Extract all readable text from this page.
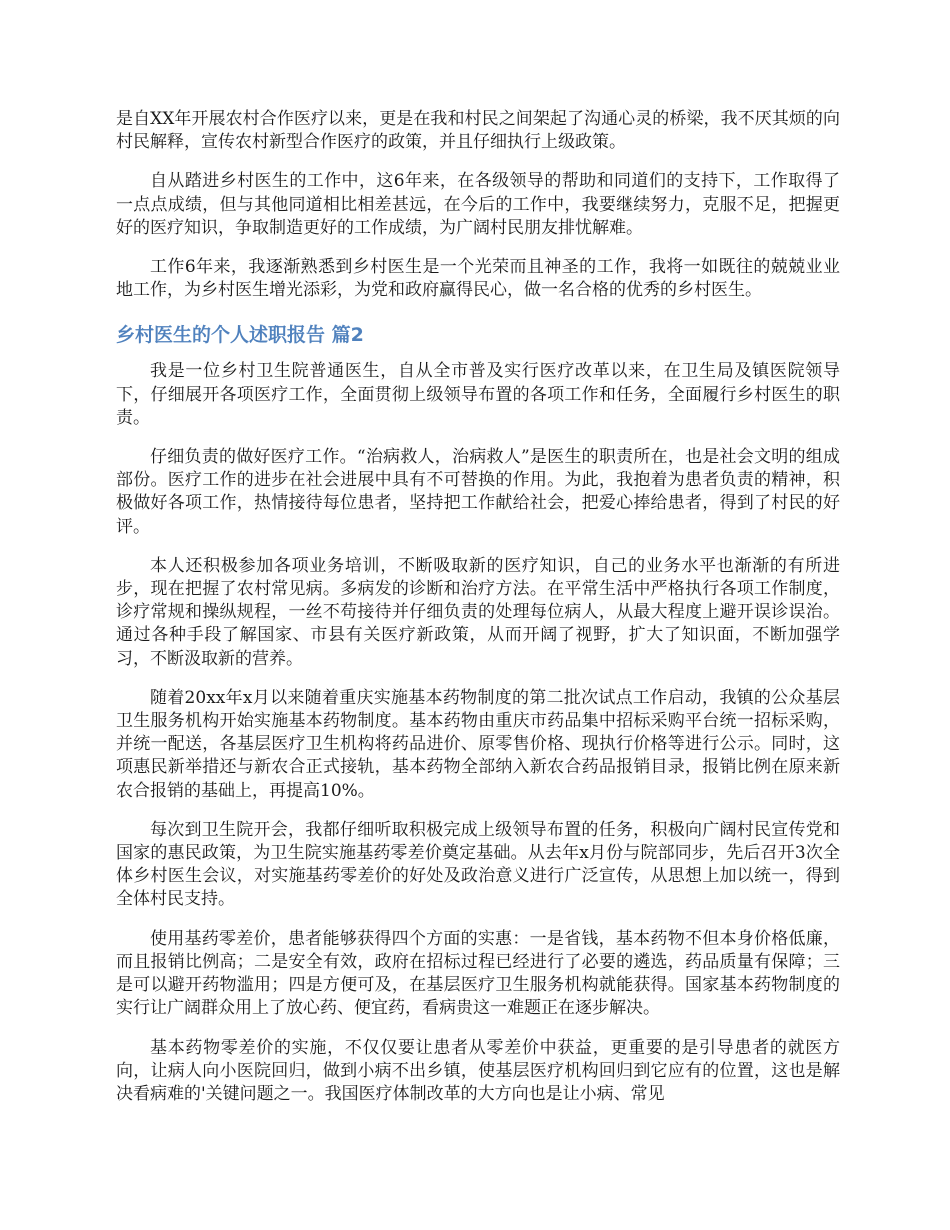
是自XX年开展农村合作医疗以来，更是在我和村民之间架起了沟通心灵的桥梁，我不厌其烦的向村民解释，宣传农村新型合作医疗的政策，并且仔细执行上级政策。

自从踏进乡村医生的工作中，这6年来，在各级领导的帮助和同道们的支持下，工作取得了一点点成绩，但与其他同道相比相差甚远，在今后的工作中，我要继续努力，克服不足，把握更好的医疗知识，争取制造更好的工作成绩，为广阔村民朋友排忧解难。

工作6年来，我逐渐熟悉到乡村医生是一个光荣而且神圣的工作，我将一如既往的兢兢业业地工作，为乡村医生增光添彩，为党和政府赢得民心，做一名合格的优秀的乡村医生。

乡村医生的个人述职报告 篇2

我是一位乡村卫生院普通医生，自从全市普及实行医疗改革以来，在卫生局及镇医院领导下，仔细展开各项医疗工作，全面贯彻上级领导布置的各项工作和任务，全面履行乡村医生的职责。

仔细负责的做好医疗工作。“治病救人，治病救人”是医生的职责所在，也是社会文明的组成部份。医疗工作的进步在社会进展中具有不可替换的作用。为此，我抱着为患者负责的精神，积极做好各项工作，热情接待每位患者，坚持把工作献给社会，把爱心捧给患者，得到了村民的好评。

本人还积极参加各项业务培训，不断吸取新的医疗知识，自己的业务水平也渐渐的有所进步，现在把握了农村常见病。多病发的诊断和治疗方法。在平常生活中严格执行各项工作制度，诊疗常规和操纵规程，一丝不苟接待并仔细负责的处理每位病人，从最大程度上避开误诊误治。通过各种手段了解国家、市县有关医疗新政策，从而开阔了视野，扩大了知识面，不断加强学习，不断汲取新的营养。

随着20xx年x月以来随着重庆实施基本药物制度的第二批次试点工作启动，我镇的公众基层卫生服务机构开始实施基本药物制度。基本药物由重庆市药品集中招标采购平台统一招标采购，并统一配送，各基层医疗卫生机构将药品进价、原零售价格、现执行价格等进行公示。同时，这项惠民新举措还与新农合正式接轨，基本药物全部纳入新农合药品报销目录，报销比例在原来新农合报销的基础上，再提高10%。

每次到卫生院开会，我都仔细听取积极完成上级领导布置的任务，积极向广阔村民宣传党和国家的惠民政策，为卫生院实施基药零差价奠定基础。从去年x月份与院部同步，先后召开3次全体乡村医生会议，对实施基药零差价的好处及政治意义进行广泛宣传，从思想上加以统一，得到全体村民支持。

使用基药零差价，患者能够获得四个方面的实惠：一是省钱，基本药物不但本身价格低廉，而且报销比例高；二是安全有效，政府在招标过程已经进行了必要的遴选，药品质量有保障；三是可以避开药物滥用；四是方便可及，在基层医疗卫生服务机构就能获得。国家基本药物制度的实行让广阔群众用上了放心药、便宜药，看病贵这一难题正在逐步解决。

基本药物零差价的实施，不仅仅要让患者从零差价中获益，更重要的是引导患者的就医方向，让病人向小医院回归，做到小病不出乡镇，使基层医疗机构回归到它应有的位置，这也是解决看病难的'关键问题之一。我国医疗体制改革的大方向也是让小病、常见
